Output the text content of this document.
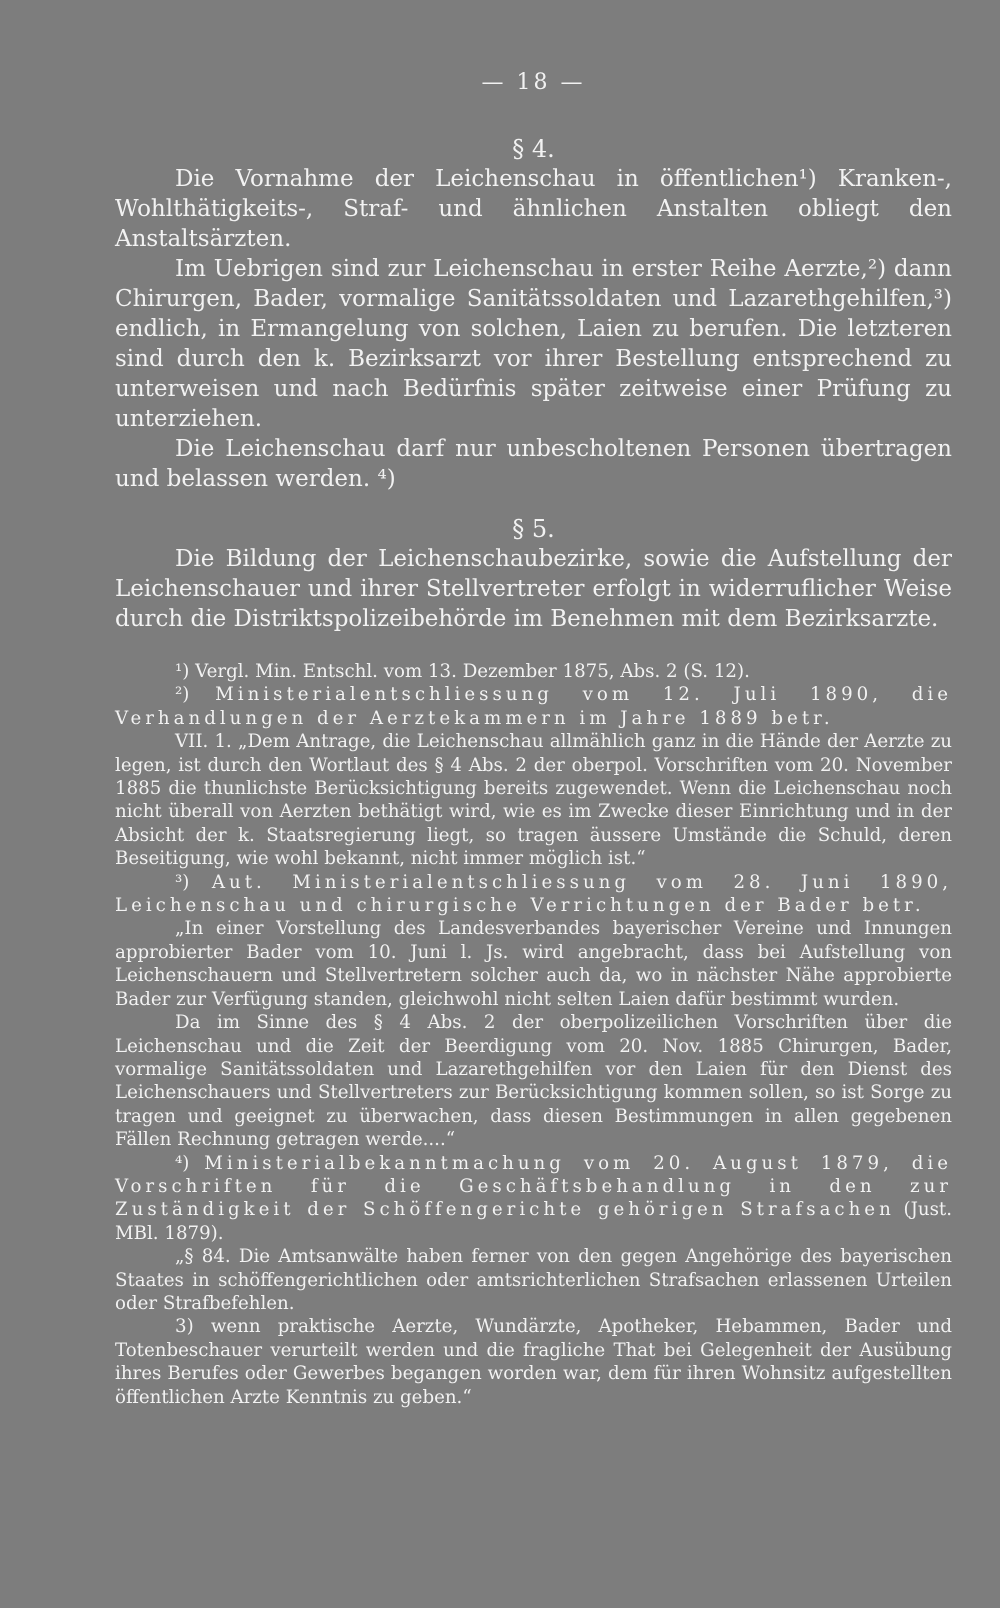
— 18 —

§ 4.

Die Vornahme der Leichenschau in öffentlichen¹) Kranken-, Wohlthätigkeits-, Straf- und ähnlichen Anstalten obliegt den Anstaltsärzten.

Im Uebrigen sind zur Leichenschau in erster Reihe Aerzte,²) dann Chirurgen, Bader, vormalige Sanitätssoldaten und Lazarethgehilfen,³) endlich, in Ermangelung von solchen, Laien zu berufen. Die letzteren sind durch den k. Bezirksarzt vor ihrer Bestellung entsprechend zu unterweisen und nach Bedürfnis später zeitweise einer Prüfung zu unterziehen.

Die Leichenschau darf nur unbescholtenen Personen übertragen und belassen werden. ⁴)

§ 5.

Die Bildung der Leichenschaubezirke, sowie die Aufstellung der Leichenschauer und ihrer Stellvertreter erfolgt in widerruflicher Weise durch die Distriktspolizeibehörde im Benehmen mit dem Bezirksarzte.

¹) Vergl. Min. Entschl. vom 13. Dezember 1875, Abs. 2 (S. 12).

²) Ministerialentschliessung vom 12. Juli 1890, die Verhandlungen der Aerztekammern im Jahre 1889 betr.

VII. 1. „Dem Antrage, die Leichenschau allmählich ganz in die Hände der Aerzte zu legen, ist durch den Wortlaut des § 4 Abs. 2 der oberpol. Vorschriften vom 20. November 1885 die thunlichste Berücksichtigung bereits zugewendet. Wenn die Leichenschau noch nicht überall von Aerzten bethätigt wird, wie es im Zwecke dieser Einrichtung und in der Absicht der k. Staatsregierung liegt, so tragen äussere Umstände die Schuld, deren Beseitigung, wie wohl bekannt, nicht immer möglich ist.“

³) Aut. Ministerialentschliessung vom 28. Juni 1890, Leichenschau und chirurgische Verrichtungen der Bader betr.

„In einer Vorstellung des Landesverbandes bayerischer Vereine und Innungen approbierter Bader vom 10. Juni l. Js. wird angebracht, dass bei Aufstellung von Leichenschauern und Stellvertretern solcher auch da, wo in nächster Nähe approbierte Bader zur Verfügung standen, gleichwohl nicht selten Laien dafür bestimmt wurden.

Da im Sinne des § 4 Abs. 2 der oberpolizeilichen Vorschriften über die Leichenschau und die Zeit der Beerdigung vom 20. Nov. 1885 Chirurgen, Bader, vormalige Sanitätssoldaten und Lazarethgehilfen vor den Laien für den Dienst des Leichenschauers und Stellvertreters zur Berücksichtigung kommen sollen, so ist Sorge zu tragen und geeignet zu überwachen, dass diesen Bestimmungen in allen gegebenen Fällen Rechnung getragen werde....“

⁴) Ministerialbekanntmachung vom 20. August 1879, die Vorschriften für die Geschäftsbehandlung in den zur Zuständigkeit der Schöffengerichte gehörigen Strafsachen (Just. MBl. 1879).

„§ 84. Die Amtsanwälte haben ferner von den gegen Angehörige des bayerischen Staates in schöffengerichtlichen oder amtsrichterlichen Strafsachen erlassenen Urteilen oder Strafbefehlen.

3) wenn praktische Aerzte, Wundärzte, Apotheker, Hebammen, Bader und Totenbeschauer verurteilt werden und die fragliche That bei Gelegenheit der Ausübung ihres Berufes oder Gewerbes begangen worden war, dem für ihren Wohnsitz aufgestellten öffentlichen Arzte Kenntnis zu geben.“
